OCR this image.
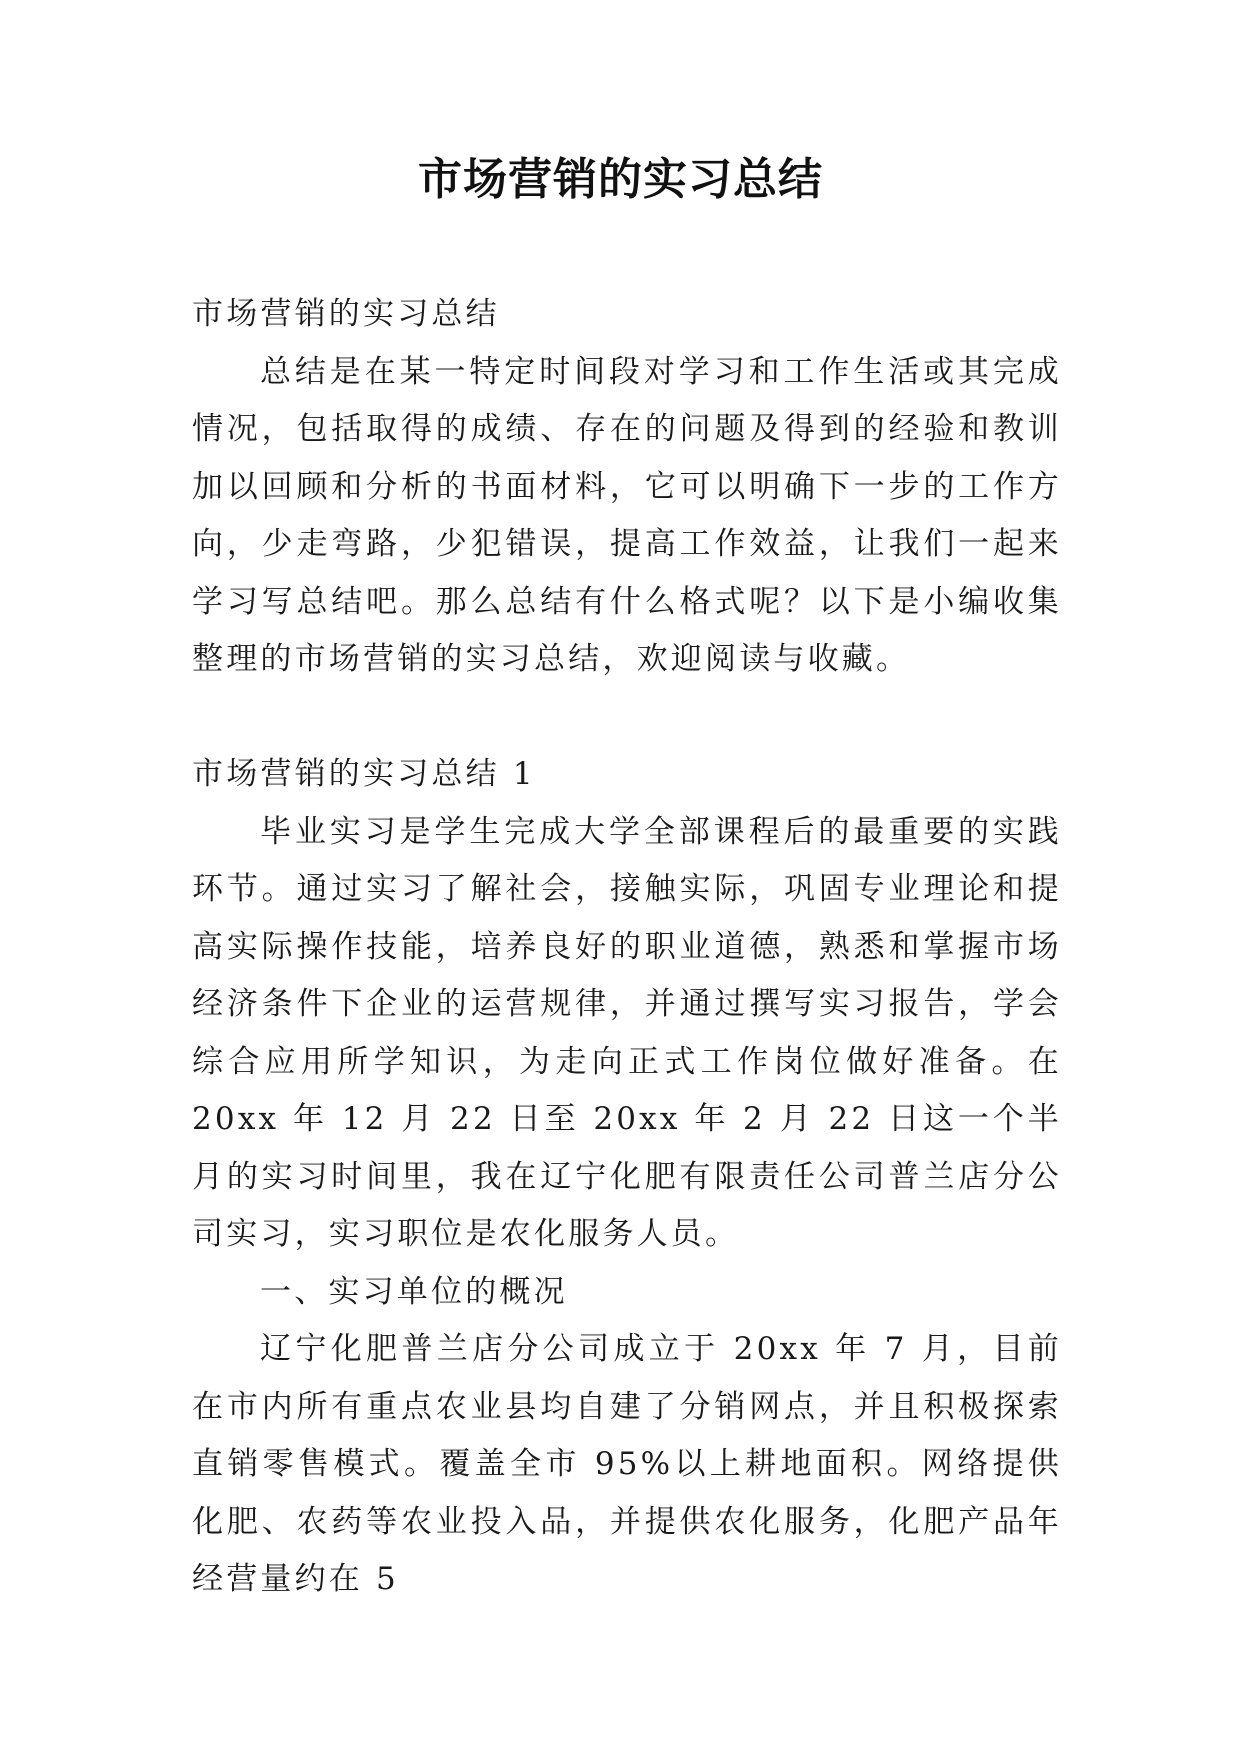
市场营销的实习总结

市场营销的实习总结

总结是在某一特定时间段对学习和工作生活或其完成情况，包括取得的成绩、存在的问题及得到的经验和教训加以回顾和分析的书面材料，它可以明确下一步的工作方向，少走弯路，少犯错误，提高工作效益，让我们一起来学习写总结吧。那么总结有什么格式呢？以下是小编收集整理的市场营销的实习总结，欢迎阅读与收藏。

市场营销的实习总结 1

毕业实习是学生完成大学全部课程后的最重要的实践环节。通过实习了解社会，接触实际，巩固专业理论和提高实际操作技能，培养良好的职业道德，熟悉和掌握市场经济条件下企业的运营规律，并通过撰写实习报告，学会综合应用所学知识，为走向正式工作岗位做好准备。在 20xx 年 12 月 22 日至 20xx 年 2 月 22 日这一个半月的实习时间里，我在辽宁化肥有限责任公司普兰店分公司实习，实习职位是农化服务人员。

一、实习单位的概况

辽宁化肥普兰店分公司成立于 20xx 年 7 月，目前在市内所有重点农业县均自建了分销网点，并且积极探索直销零售模式。覆盖全市 95%以上耕地面积。网络提供化肥、农药等农业投入品，并提供农化服务，化肥产品年经营量约在 5
